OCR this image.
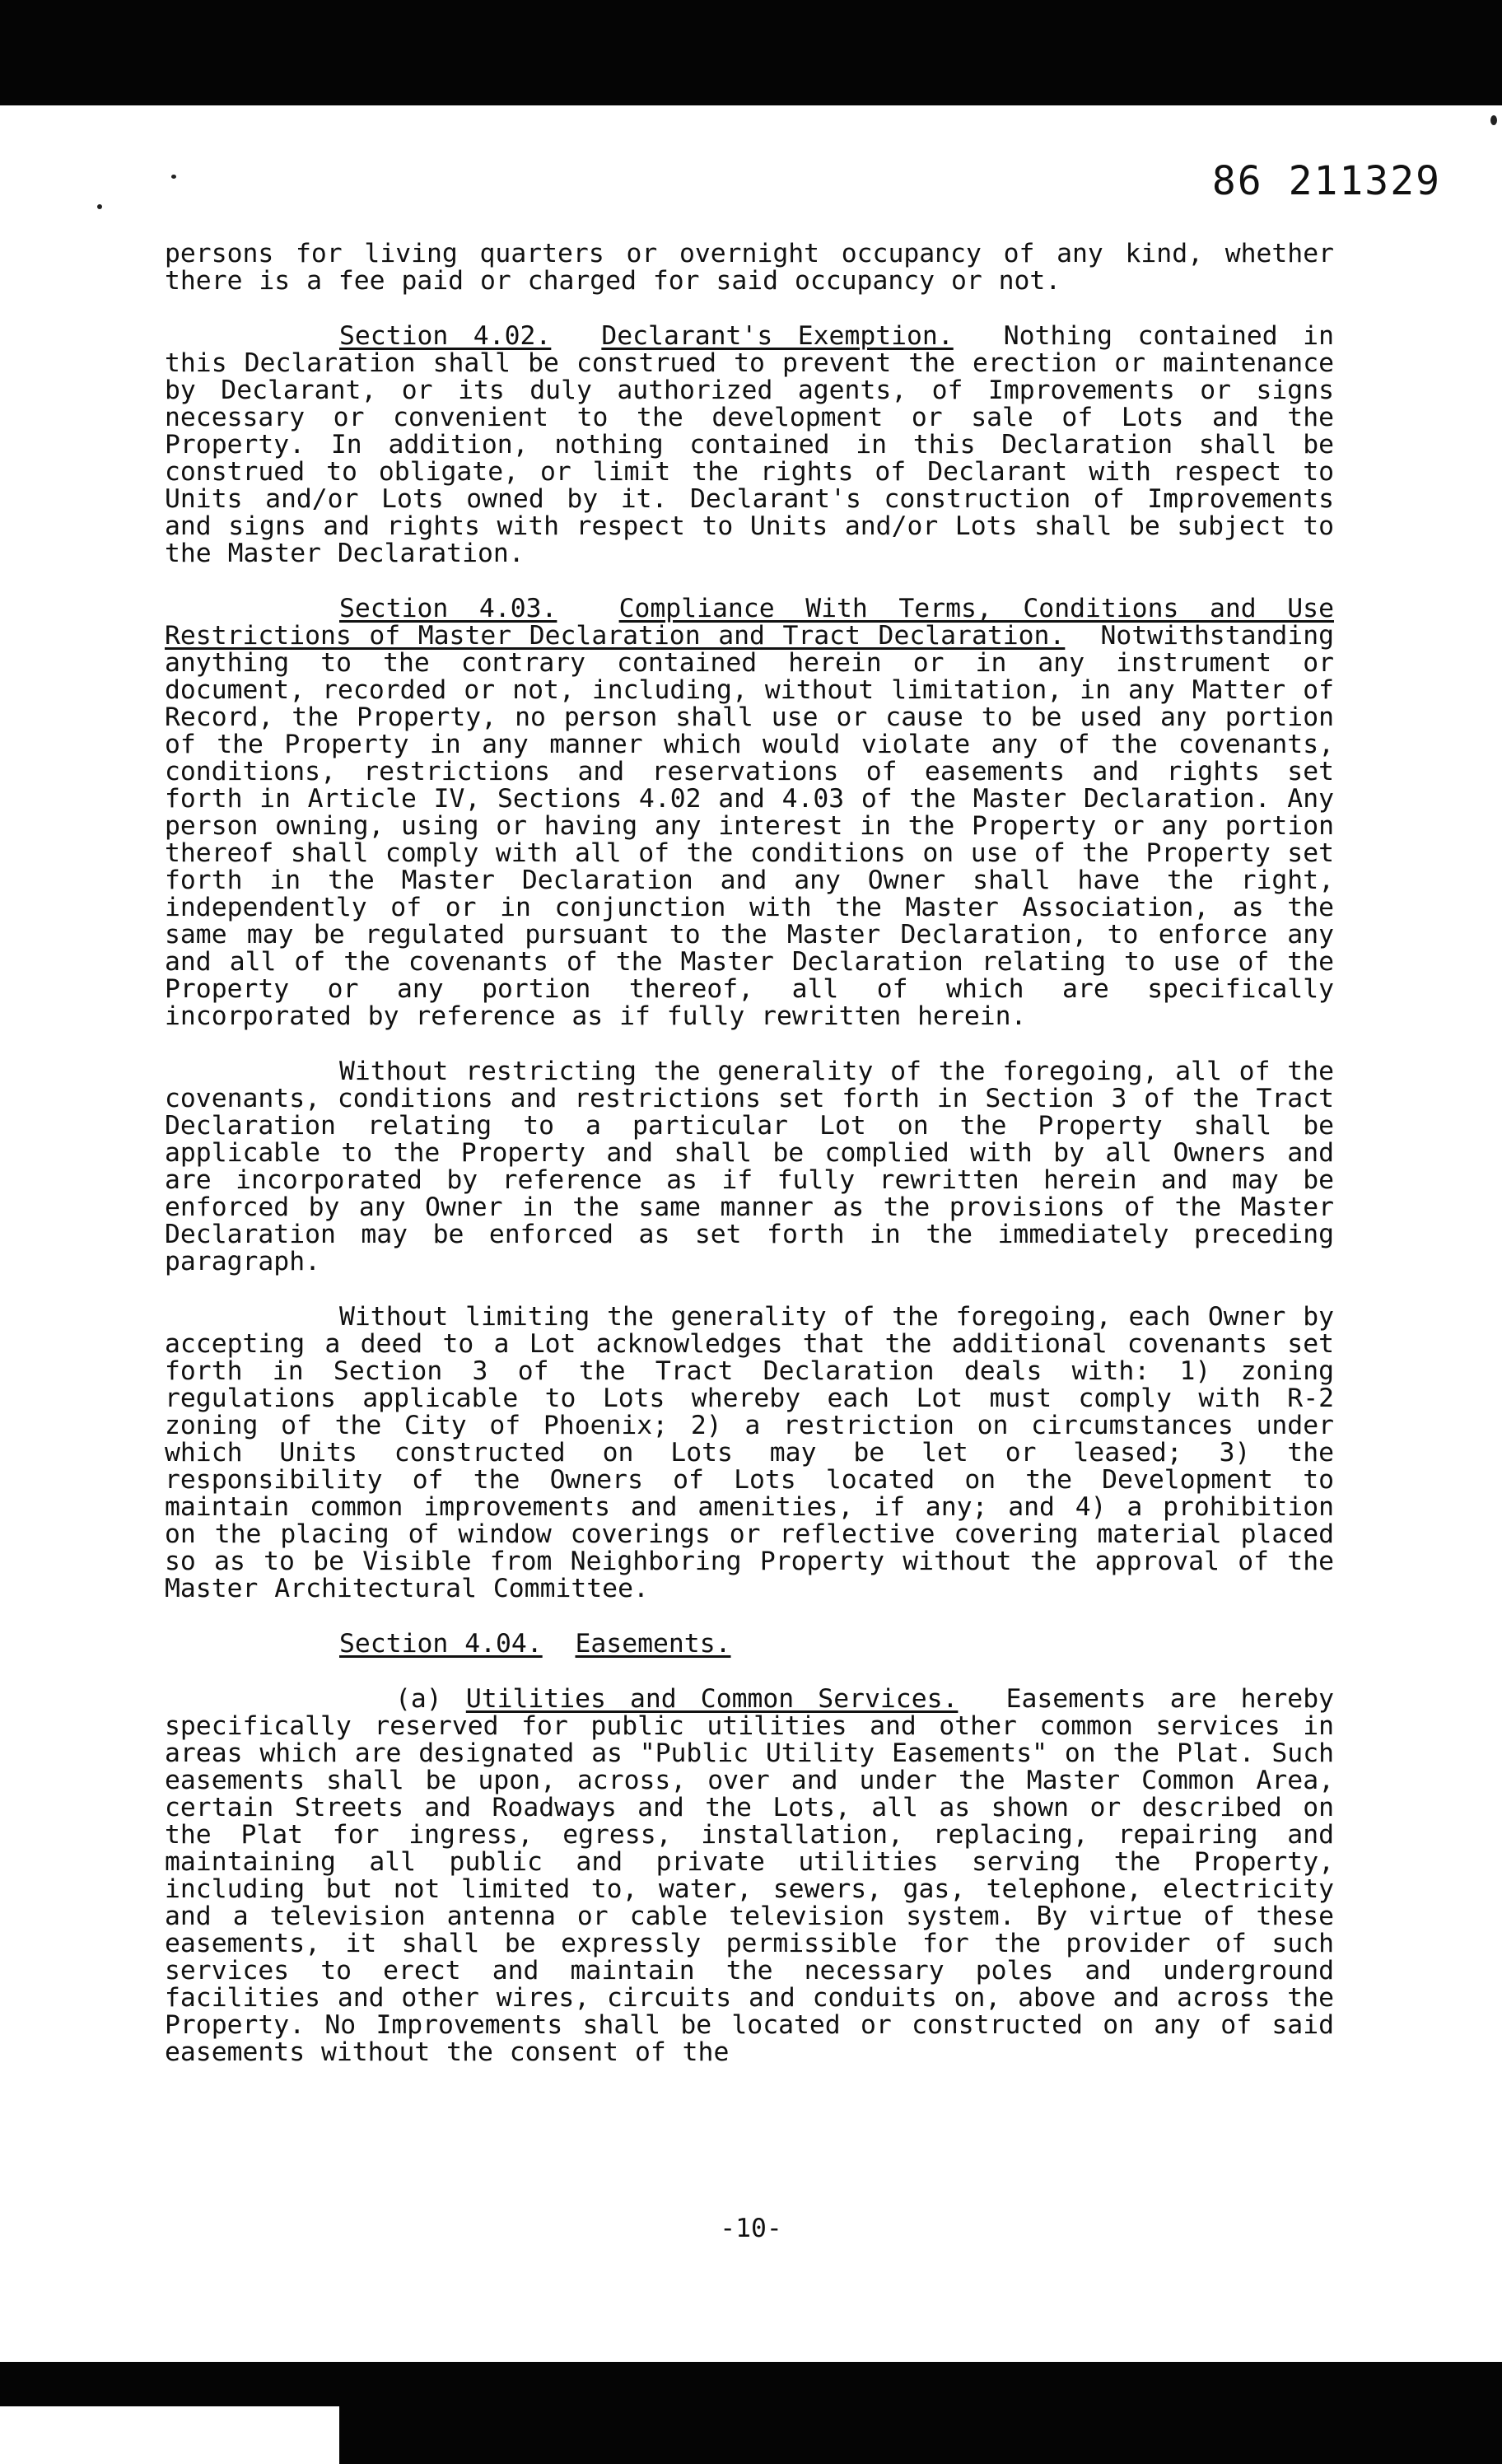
86 211329

persons for living quarters or overnight occupancy of any kind, whether there is a fee paid or charged for said occupancy or not.

Section 4.02. Declarant's Exemption. Nothing contained in this Declaration shall be construed to prevent the erection or maintenance by Declarant, or its duly authorized agents, of Improvements or signs necessary or convenient to the development or sale of Lots and the Property. In addition, nothing contained in this Declaration shall be construed to obligate, or limit the rights of Declarant with respect to Units and/or Lots owned by it. Declarant's construction of Improvements and signs and rights with respect to Units and/or Lots shall be subject to the Master Declaration.

Section 4.03. Compliance With Terms, Conditions and Use Restrictions of Master Declaration and Tract Declaration. Notwithstanding anything to the contrary contained herein or in any instrument or document, recorded or not, including, without limitation, in any Matter of Record, the Property, no person shall use or cause to be used any portion of the Property in any manner which would violate any of the covenants, conditions, restrictions and reservations of easements and rights set forth in Article IV, Sections 4.02 and 4.03 of the Master Declaration. Any person owning, using or having any interest in the Property or any portion thereof shall comply with all of the conditions on use of the Property set forth in the Master Declaration and any Owner shall have the right, independently of or in conjunction with the Master Association, as the same may be regulated pursuant to the Master Declaration, to enforce any and all of the covenants of the Master Declaration relating to use of the Property or any portion thereof, all of which are specifically incorporated by reference as if fully rewritten herein.

Without restricting the generality of the foregoing, all of the covenants, conditions and restrictions set forth in Section 3 of the Tract Declaration relating to a particular Lot on the Property shall be applicable to the Property and shall be complied with by all Owners and are incorporated by reference as if fully rewritten herein and may be enforced by any Owner in the same manner as the provisions of the Master Declaration may be enforced as set forth in the immediately preceding paragraph.

Without limiting the generality of the foregoing, each Owner by accepting a deed to a Lot acknowledges that the additional covenants set forth in Section 3 of the Tract Declaration deals with: 1) zoning regulations applicable to Lots whereby each Lot must comply with R-2 zoning of the City of Phoenix; 2) a restriction on circumstances under which Units constructed on Lots may be let or leased; 3) the responsibility of the Owners of Lots located on the Development to maintain common improvements and amenities, if any; and 4) a prohibition on the placing of window coverings or reflective covering material placed so as to be Visible from Neighboring Property without the approval of the Master Architectural Committee.

Section 4.04. Easements.

(a) Utilities and Common Services. Easements are hereby specifically reserved for public utilities and other common services in areas which are designated as "Public Utility Easements" on the Plat. Such easements shall be upon, across, over and under the Master Common Area, certain Streets and Roadways and the Lots, all as shown or described on the Plat for ingress, egress, installation, replacing, repairing and maintaining all public and private utilities serving the Property, including but not limited to, water, sewers, gas, telephone, electricity and a television antenna or cable television system. By virtue of these easements, it shall be expressly permissible for the provider of such services to erect and maintain the necessary poles and underground facilities and other wires, circuits and conduits on, above and across the Property. No Improvements shall be located or constructed on any of said easements without the consent of the

-10-
